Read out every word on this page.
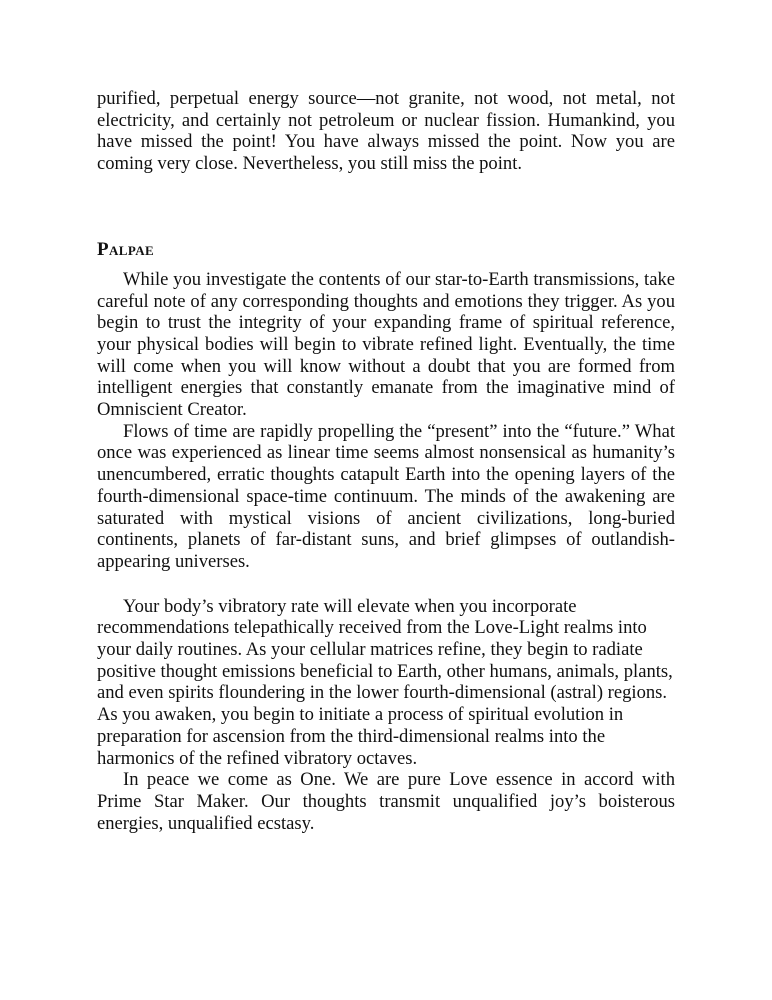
purified, perpetual energy source—not granite, not wood, not metal, not electricity, and certainly not petroleum or nuclear fission. Humankind, you have missed the point! You have always missed the point. Now you are coming very close. Nevertheless, you still miss the point.

Palpae

While you investigate the contents of our star-to-Earth transmissions, take careful note of any corresponding thoughts and emotions they trigger. As you begin to trust the integrity of your expanding frame of spiritual reference, your physical bodies will begin to vibrate refined light. Eventually, the time will come when you will know without a doubt that you are formed from intelligent energies that constantly emanate from the imaginative mind of Omniscient Creator.

Flows of time are rapidly propelling the “present” into the “future.” What once was experienced as linear time seems almost nonsensical as humanity’s unencumbered, erratic thoughts catapult Earth into the opening layers of the fourth-dimensional space-time continuum. The minds of the awakening are saturated with mystical visions of ancient civilizations, long-buried continents, planets of far-distant suns, and brief glimpses of outlandish-appearing universes.

Your body’s vibratory rate will elevate when you incorporate recommendations telepathically received from the Love-Light realms into your daily routines. As your cellular matrices refine, they begin to radiate positive thought emissions beneficial to Earth, other humans, animals, plants, and even spirits floundering in the lower fourth-dimensional (astral) regions. As you awaken, you begin to initiate a process of spiritual evolution in preparation for ascension from the third-dimensional realms into the harmonics of the refined vibratory octaves.

In peace we come as One. We are pure Love essence in accord with Prime Star Maker. Our thoughts transmit unqualified joy’s boisterous energies, unqualified ecstasy.
